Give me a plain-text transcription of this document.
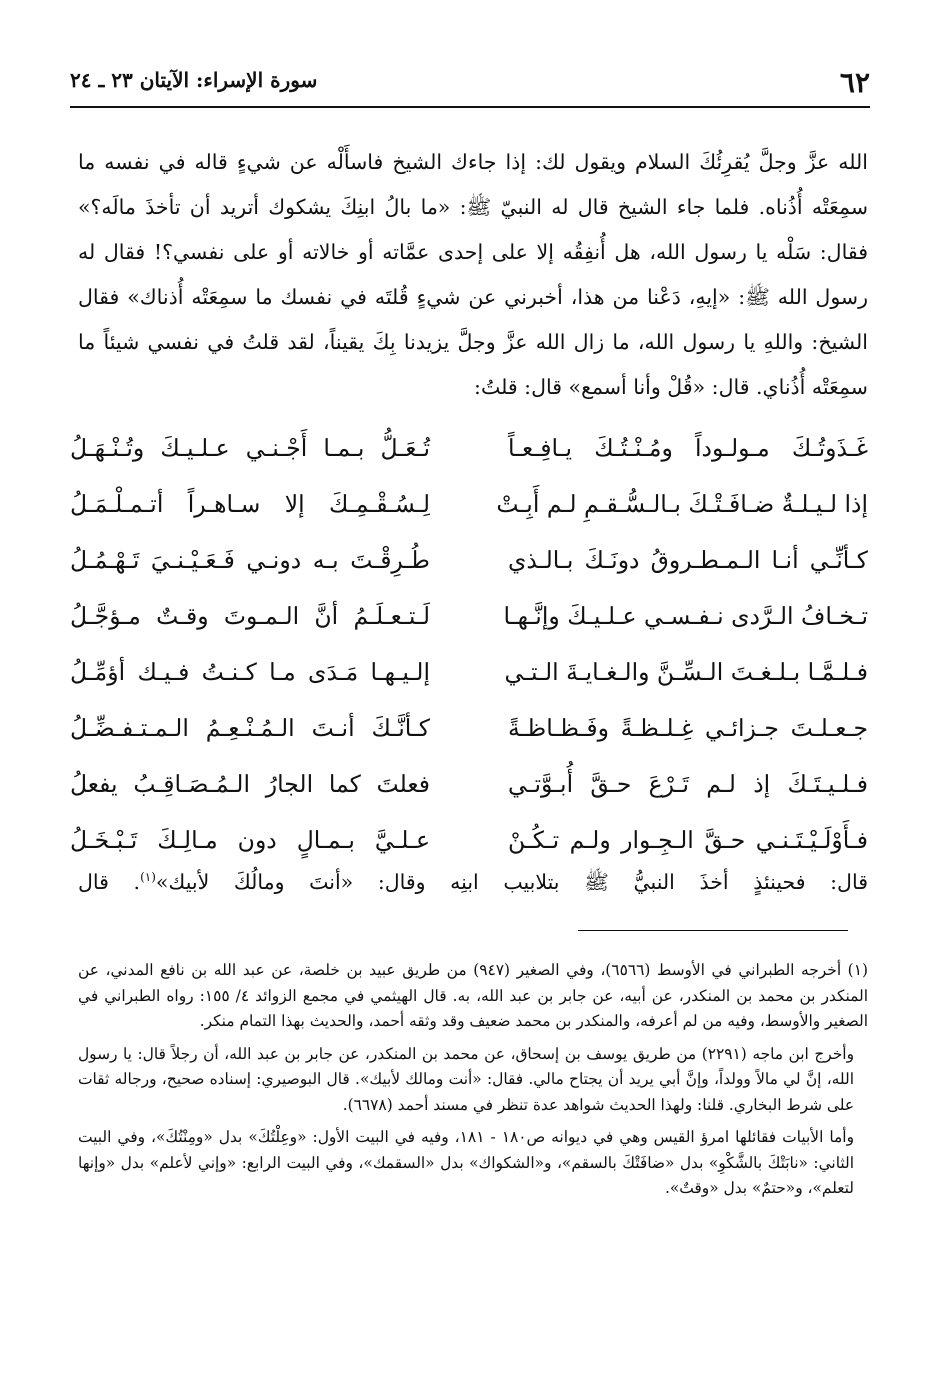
٦٢
سورة الإسراء: الآيتان ٢٣ ـ ٢٤

الله عزَّ وجلَّ يُقرِئُكَ السلام ويقول لك: إذا جاءك الشيخ فاسأَلْه عن شيءٍ قاله في نفسه ما سمِعَتْه أُذُناه. فلما جاء الشيخ قال له النبيّ ﷺ: «ما بالُ ابنِكَ يشكوك أتريد أن تأخذَ مالَه؟» فقال: سَلْه يا رسول الله، هل أُنفِقُه إلا على إحدى عمَّاته أو خالاته أو على نفسي؟! فقال له رسول الله ﷺ: «إيهِ، دَعْنا من هذا، أخبرني عن شيءٍ قُلتَه في نفسك ما سمِعَتْه أُذناك» فقال الشيخ: واللهِ يا رسول الله، ما زال الله عزَّ وجلَّ يزيدنا بِكَ يقيناً، لقد قلتُ في نفسي شيئاً ما سمِعَتْه أُذُناي. قال: «قُلْ وأنا أسمع» قال: قلتُ:

غَـذَوتُـكَ مـولـوداً ومُـنْـتُـكَ يـافِـعـاً
تُـعَـلُّ بـمـا أَجْـنـي عـلـيـكَ وتُـنْـهَـلُ
إذا لـيـلـةٌ ضـافَـتْـكَ بـالـسُّـقـمِ لـم أَبِـتْ
لِـسُـقْـمِـكَ إلا سـاهـراً أتـمـلْـمَـلُ
كـأنِّـي أنـا الـمـطـروقُ دونَـكَ بـالـذي
طُـرِقْـتَ بـه دونـي فَـعَـيْـنـيَ تَـهْـمُـلُ
تـخـافُ الـرَّدى نـفـسـي عـلـيـكَ وإنَّـهـا
لَـتـعـلَـمُ أنَّ الـمـوتَ وقـتٌ مـؤجَّـلُ
فـلـمَّـا بـلـغـتَ الـسِّـنَّ والـغـايـةَ الـتـي
إلـيـهـا مَـدَى مـا كـنـتُ فـيـك أؤمِّـلُ
جـعـلـتَ جـزائـي غِـلـظـةً وفَـظـاظـةً
كـأنَّـكَ أنـتَ الـمُـنْـعِـمُ الـمـتـفـضِّـلُ
فـلـيـتَـكَ إذ لـم تَـرْعَ حـقَّ أُبـوَّتـي
فعلتَ كما الجارُ الـمُـصَـاقِـبُ يفعلُ
فـأَوْلَـيْـتَـنـي حـقَّ الـجِـوار ولـم تـكُـنْ
عـلـيَّ بـمـالٍ دون مـالِـكَ تَـبْـخَـلُ
قال: فحينئذٍ أخذَ النبيُّ ﷺ بتلابيب ابنِه وقال: «أنتَ ومالُكَ لأبيك»$^{(١)}$. قال

(١) أخرجه الطبراني في الأوسط (٦٥٦٦)، وفي الصغير (٩٤٧) من طريق عبيد بن خلصة، عن عبد الله بن نافع المدني، عن المنكدر بن محمد بن المنكدر، عن أبيه، عن جابر بن عبد الله، به. قال الهيثمي في مجمع الزوائد ٤/ ١٥٥: رواه الطبراني في الصغير والأوسط، وفيه من لم أعرفه، والمنكدر بن محمد ضعيف وقد وثقه أحمد، والحديث بهذا التمام منكر.

وأخرج ابن ماجه (٢٢٩١) من طريق يوسف بن إسحاق، عن محمد بن المنكدر، عن جابر بن عبد الله، أن رجلاً قال: يا رسول الله، إنَّ لي مالاً وولداً، وإنَّ أبي يريد أن يجتاح مالي. فقال: «أنت ومالك لأبيك». قال البوصيري: إسناده صحيح، ورجاله ثقات على شرط البخاري. قلنا: ولهذا الحديث شواهد عدة تنظر في مسند أحمد (٦٦٧٨).

وأما الأبيات فقائلها امرؤ القيس وهي في ديوانه ص١٨٠ - ١٨١، وفيه في البيت الأول: «وعِلْتُكَ» بدل «ومِنْتُكَ»، وفي البيت الثاني: «نابَتْكَ بالشَّكْوِ» بدل «ضافَتْكَ بالسقم»، و«الشكواك» بدل «السقمك»، وفي البيت الرابع: «وإني لأعلم» بدل «وإنها لتعلم»، و«حتمٌ» بدل «وقتٌ».
